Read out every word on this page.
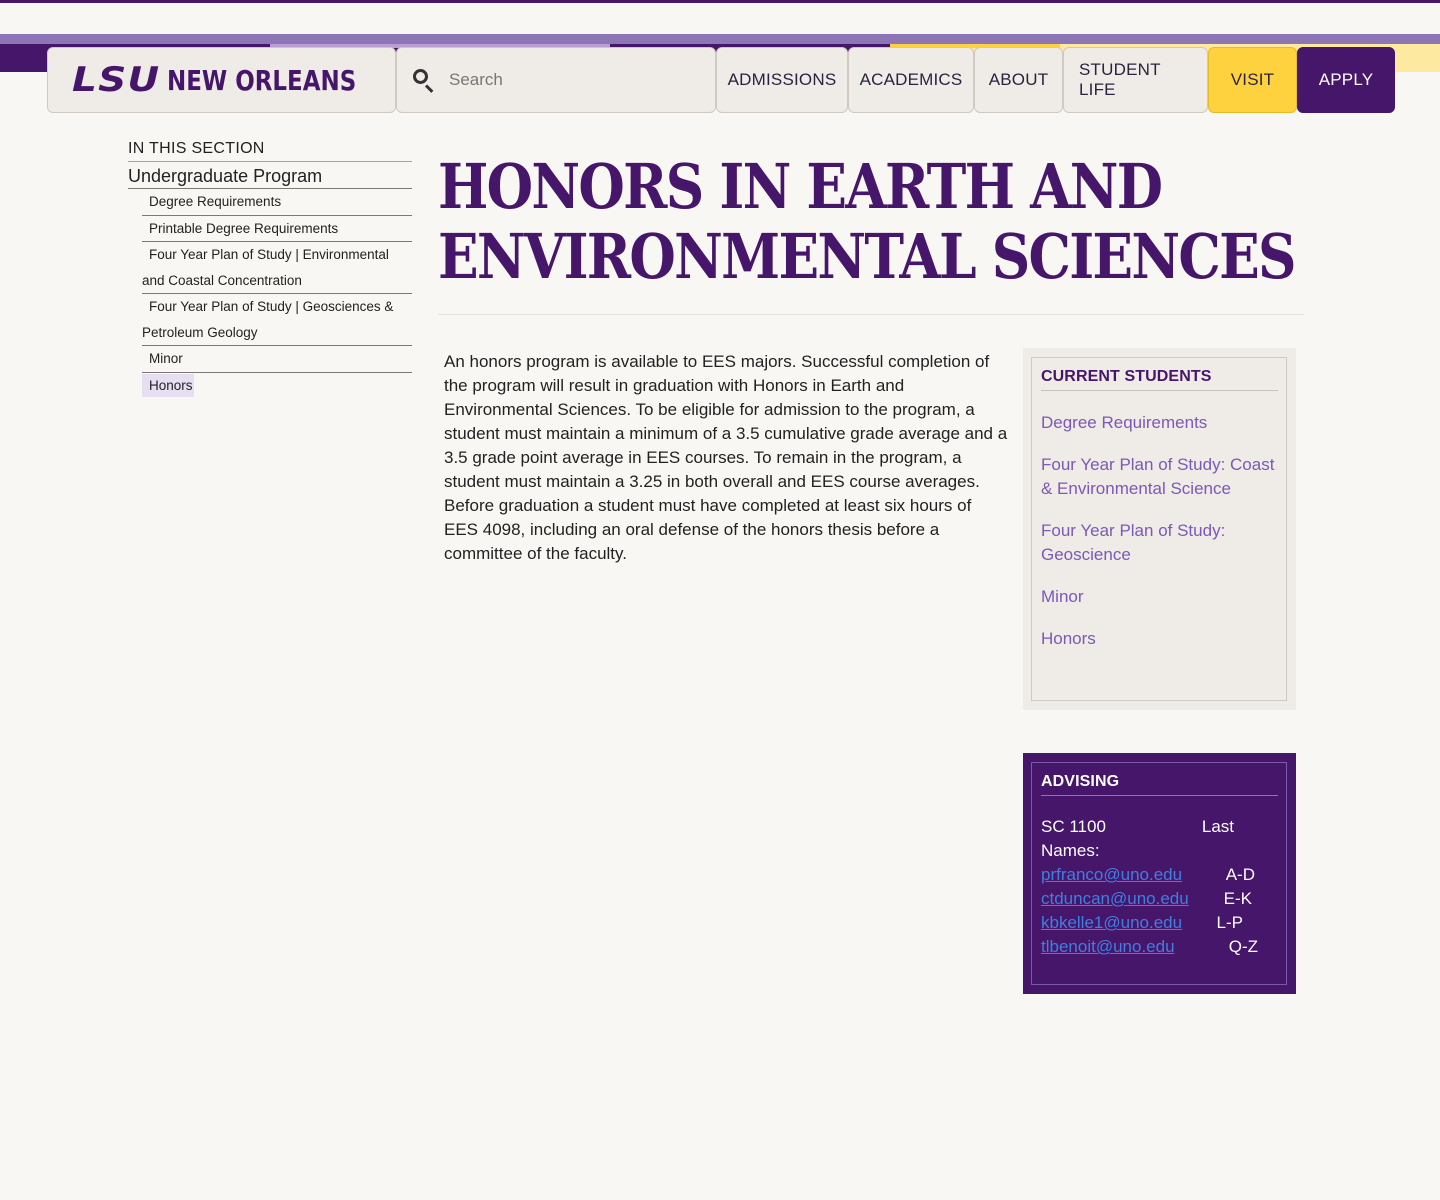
LSU NEW ORLEANS
Search	ADMISSIONS	ACADEMICS	ABOUT
STUDENT LIFE
VISIT	APPLY
IN THIS SECTION
Undergraduate Program
Degree Requirements
Printable Degree Requirements
Four Year Plan of Study | Environmental
and Coastal Concentration
Four Year Plan of Study | Geosciences &
Petroleum Geology
Minor
Honors
HONORS IN EARTH AND
ENVIRONMENTAL SCIENCES

An honors program is available to EES majors. Successful completion of the program will result in graduation with Honors in Earth and Environmental Sciences. To be eligible for admission to the program, a student must maintain a minimum of a 3.5 cumulative grade average and a 3.5 grade point average in EES courses. To remain in the program, a student must maintain a 3.25 in both overall and EES course averages. Before graduation a student must have completed at least six hours of EES 4098, including an oral defense of the honors thesis before a committee of the faculty.

CURRENT STUDENTS
Degree Requirements
Four Year Plan of Study: Coast & Environmental Science
Four Year Plan of Study: Geoscience
Minor
Honors
ADVISING
SC 1100	Last
Names:
prfranco@uno.edu	A-D
ctduncan@uno.edu E-K
kbkelle1@uno.edu L-P
tlbenoit@uno.edu	Q-Z
